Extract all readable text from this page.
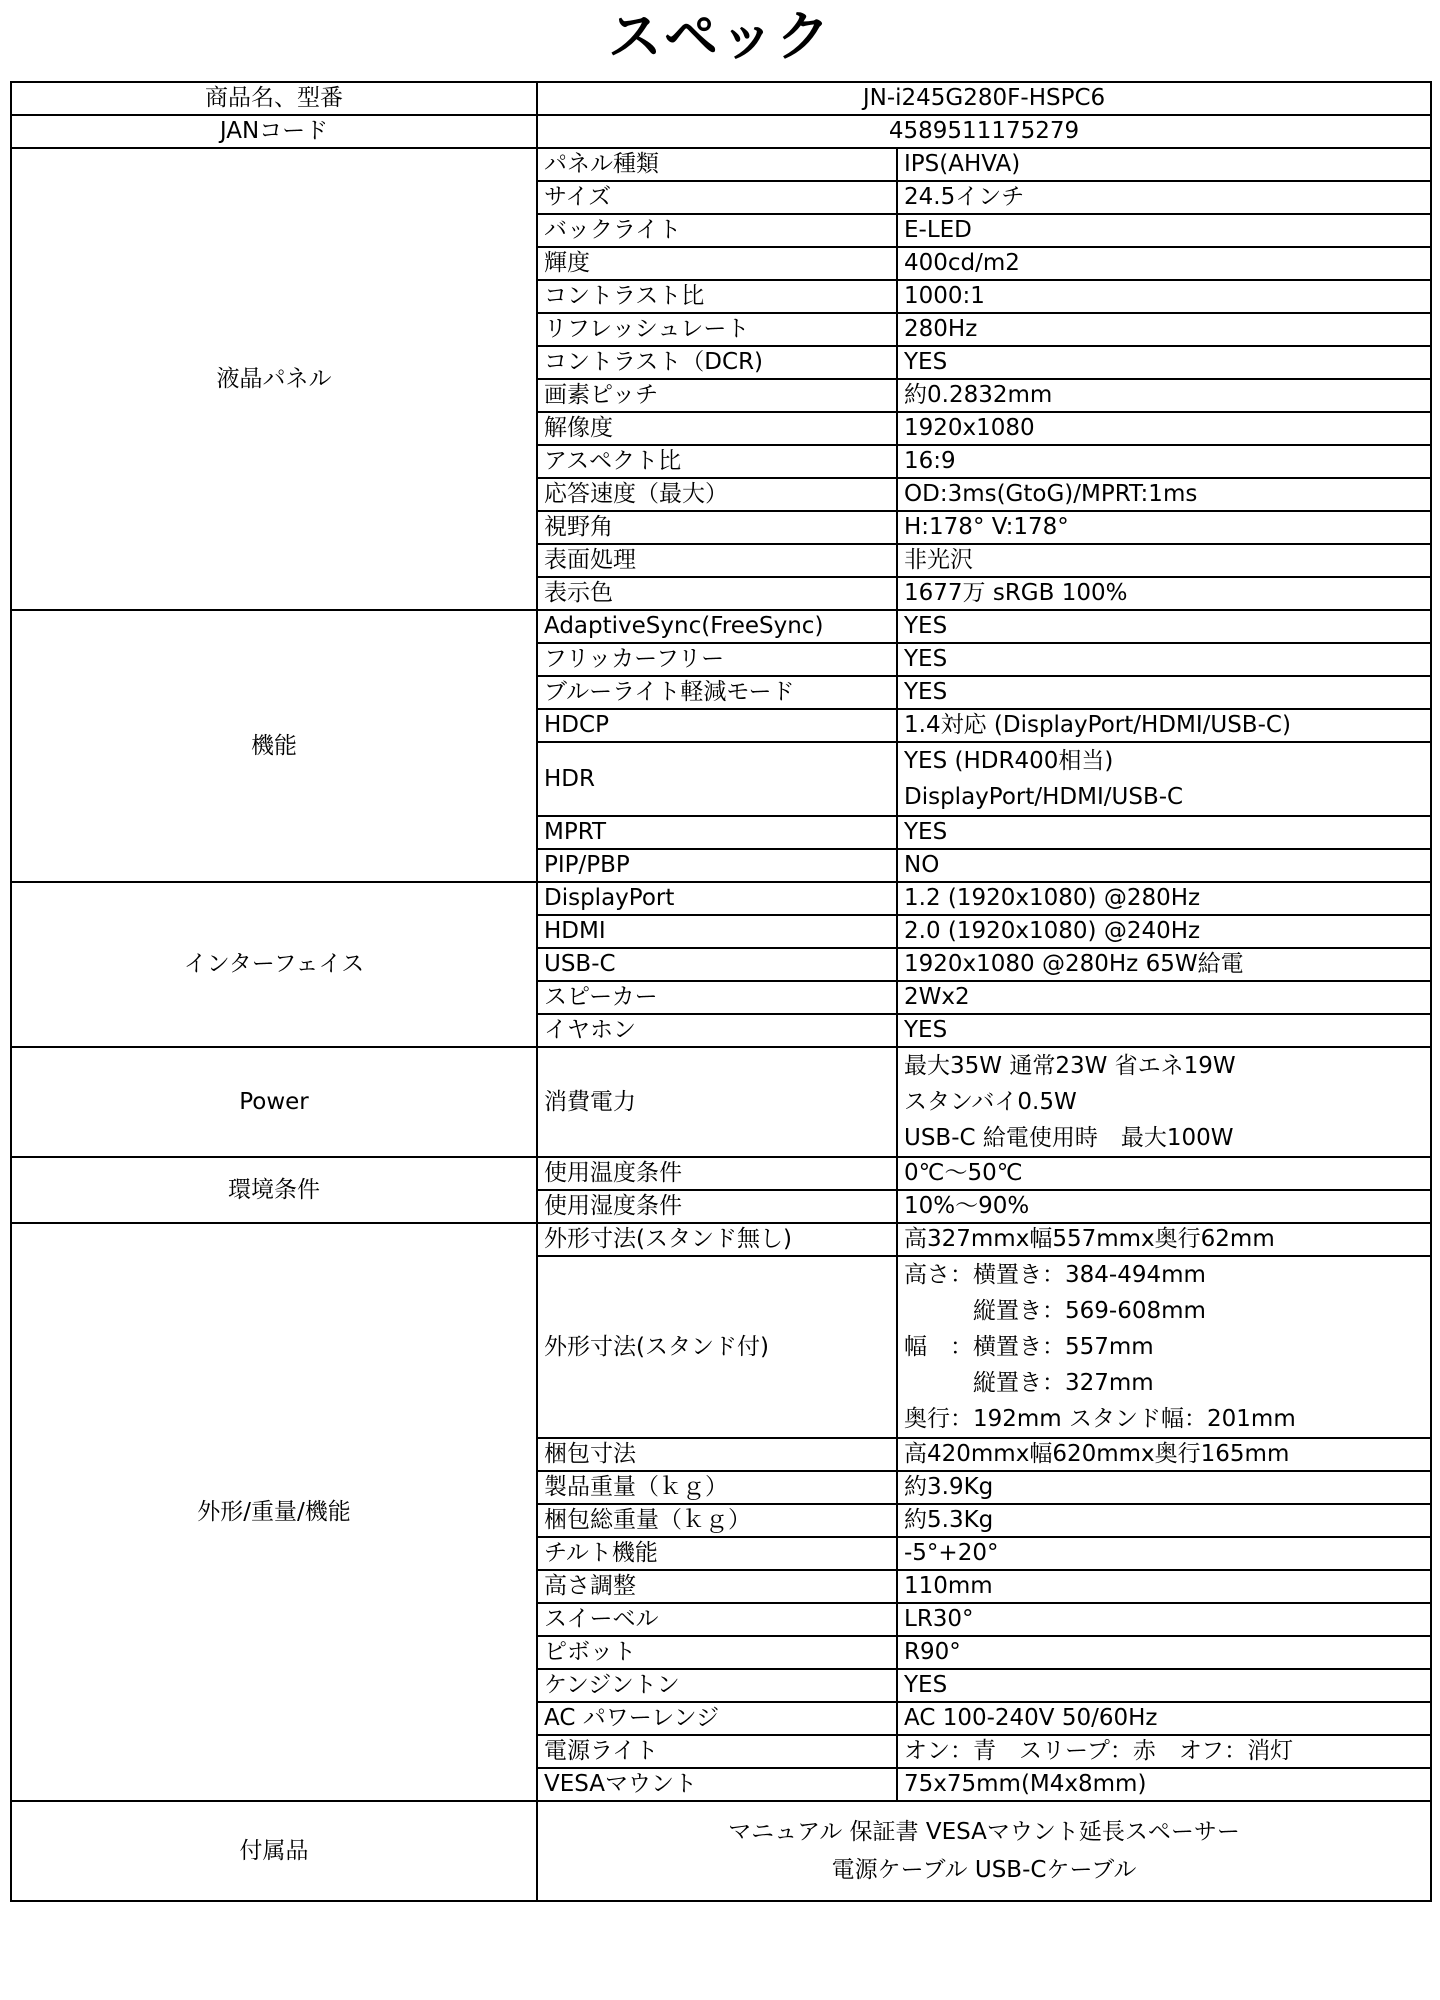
スペック
商品名、型番	JN-i245G280F-HSPC6	
JANコード	4589511175279	
液晶パネル	パネル種類	IPS(AHVA)
	サイズ	24.5インチ
	バックライト	E-LED
	輝度	400cd/m2
	コントラスト比	1000:1
	リフレッシュレート	280Hz
	コントラスト（DCR)	YES
	画素ピッチ	約0.2832mm
	解像度	1920x1080
	アスペクト比	16:9
	応答速度（最大）	OD:3ms(GtoG)/MPRT:1ms
	視野角	H:178° V:178°
	表面処理	非光沢
	表示色	1677万 sRGB 100%
機能	AdaptiveSync(FreeSync)	YES
	フリッカーフリー	YES
	ブルーライト軽減モード	YES
	HDCP	1.4対応 (DisplayPort/HDMI/USB-C)
	HDR	YES (HDR400相当)
DisplayPort/HDMI/USB-C

	MPRT	YES
	PIP/PBP	NO
インターフェイス	DisplayPort	1.2 (1920x1080) @280Hz
	HDMI	2.0 (1920x1080) @240Hz
	USB-C	1920x1080 @280Hz 65W給電
	スピーカー	2Wx2
	イヤホン	YES
Power	消費電力	最大35W 通常23W 省エネ19W
スタンバイ0.5W
USB-C 給電使用時　最大100W

環境条件	使用温度条件	0℃～50℃
	使用湿度条件	10%～90%
外形/重量/機能	外形寸法(スタンド無し)	高327mmx幅557mmx奥行62mm
	外形寸法(スタンド付)	高さ：横置き：384-494mm
　　　縦置き：569-608mm
幅　：横置き：557mm
　　　縦置き：327mm
奥行：192mm スタンド幅：201mm

	梱包寸法	高420mmx幅620mmx奥行165mm
	製品重量（ｋｇ）	約3.9Kg
	梱包総重量（ｋｇ）	約5.3Kg
	チルト機能	-5°+20°
	高さ調整	110mm
	スイーベル	LR30°
	ピボット	R90°
	ケンジントン	YES
	AC パワーレンジ	AC 100-240V 50/60Hz
	電源ライト	オン：青　スリープ：赤　オフ：消灯
	VESAマウント	75x75mm(M4x8mm)
付属品	マニュアル 保証書 VESAマウント延長スペーサー
電源ケーブル USB-Cケーブル	
